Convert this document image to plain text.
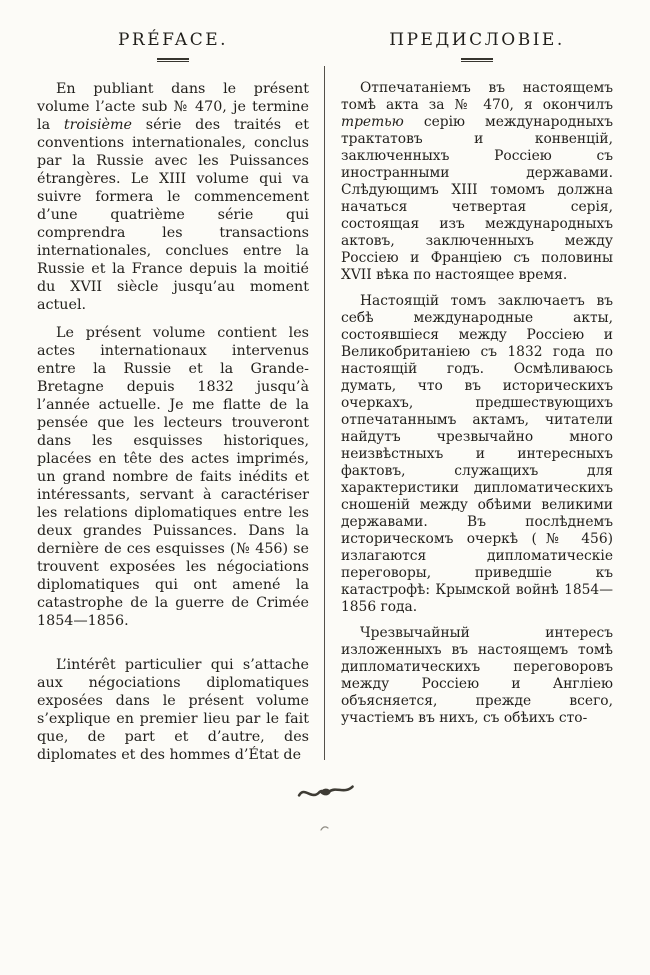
PRÉFACE.

En publiant dans le présent volume l’acte sub № 470, je termine la troisième série des traités et conventions internationales, conclus par la Russie avec les Puissances étrangères. Le XIII volume qui va suivre formera le commencement d’une quatrième série qui comprendra les transactions internationales, conclues entre la Russie et la France depuis la moitié du XVII siècle jusqu’au moment actuel.

Le présent volume contient les actes internationaux intervenus entre la Russie et la Grande-Bretagne depuis 1832 jusqu’à l’année actuelle. Je me flatte de la pensée que les lecteurs trouveront dans les esquisses historiques, placées en tête des actes imprimés, un grand nombre de faits inédits et intéressants, servant à caractériser les relations diplomatiques entre les deux grandes Puissances. Dans la dernière de ces esquisses (№ 456) se trouvent exposées les négociations diplomatiques qui ont amené la catastrophe de la guerre de Crimée 1854—1856.

L’intérêt particulier qui s’attache aux négociations diplomatiques exposées dans le présent volume s’explique en premier lieu par le fait que, de part et d’autre, des diplomates et des hommes d’État de

ПРЕДИСЛОВІЕ.

Отпечатаніемъ въ настоящемъ томѣ акта за № 470, я окончилъ третью серію международныхъ трактатовъ и конвенцій, заключенныхъ Россіею съ иностранными державами. Слѣдующимъ XIII томомъ должна начаться четвертая серія, состоящая изъ международныхъ актовъ, заключенныхъ между Россіею и Франціею съ половины XVII вѣка по настоящее время.

Настоящій томъ заключаетъ въ себѣ международные акты, состоявшіеся между Россіею и Великобританіею съ 1832 года по настоящій годъ. Осмѣливаюсь думать, что въ историческихъ очеркахъ, предшествующихъ отпечатаннымъ актамъ, читатели найдутъ чрезвычайно много неизвѣстныхъ и интересныхъ фактовъ, служащихъ для характеристики дипломатическихъ сношеній между обѣими великими державами. Въ послѣднемъ историческомъ очеркѣ (№ 456) излагаются дипломатическіе переговоры, приведшіе къ катастрофѣ: Крымской войнѣ 1854—1856 года.

Чрезвычайный интересъ изложенныхъ въ настоящемъ томѣ дипломатическихъ переговоровъ между Россіею и Англіею объясняется, прежде всего, участіемъ въ нихъ, съ обѣихъ сто-
